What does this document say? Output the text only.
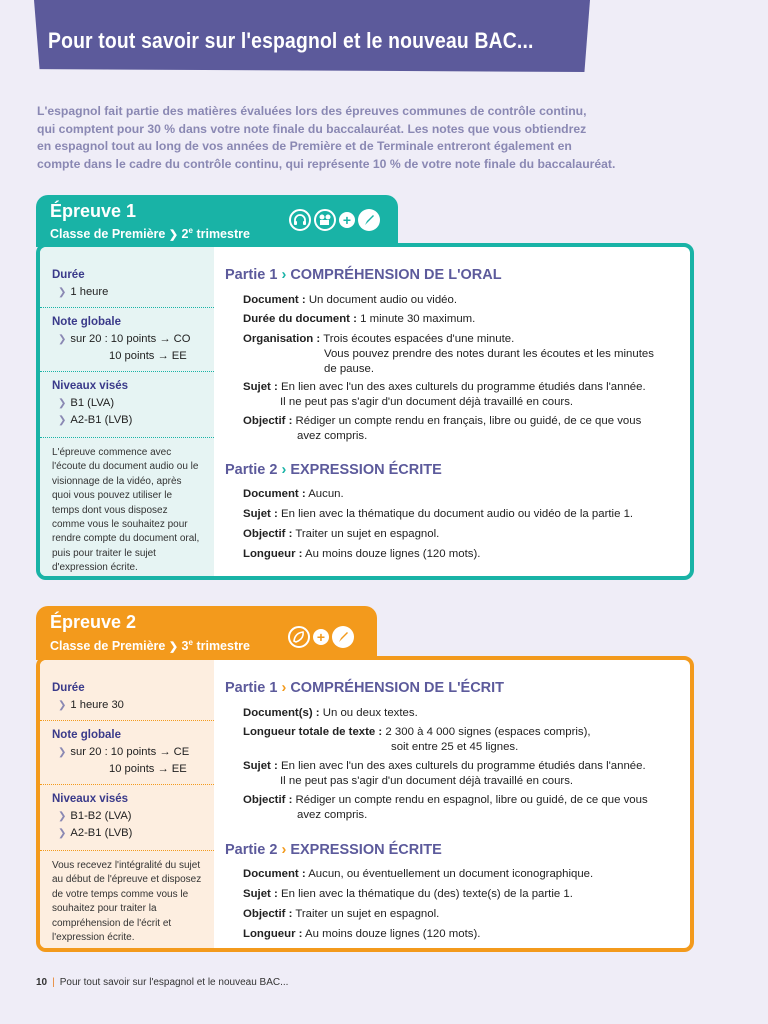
Pour tout savoir sur l'espagnol et le nouveau BAC...
L'espagnol fait partie des matières évaluées lors des épreuves communes de contrôle continu,
qui comptent pour 30 % dans votre note finale du baccalauréat. Les notes que vous obtiendrez
en espagnol tout au long de vos années de Première et de Terminale entreront également en
compte dans le cadre du contrôle continu, qui représente 10 % de votre note finale du baccalauréat.
Épreuve 1
Classe de Première ❯ 2e trimestre
+
Durée
❯ 1 heure
Note globale
❯ sur 20 : 10 points → CO
10 points → EE
Niveaux visés
❯ B1 (LVA)
❯ A2-B1 (LVB)
L'épreuve commence avec l'écoute du document audio ou le visionnage de la vidéo, après quoi vous pouvez utiliser le temps dont vous disposez comme vous le souhaitez pour rendre compte du document oral, puis pour traiter le sujet d'expression écrite.
Partie 1 › COMPRÉHENSION DE L'ORAL
Document : Un document audio ou vidéo.
Durée du document : 1 minute 30 maximum.
Organisation : Trois écoutes espacées d'une minute.
Vous pouvez prendre des notes durant les écoutes et les minutes
de pause.
Sujet : En lien avec l'un des axes culturels du programme étudiés dans l'année.
Il ne peut pas s'agir d'un document déjà travaillé en cours.
Objectif : Rédiger un compte rendu en français, libre ou guidé, de ce que vous
avez compris.
Partie 2 › EXPRESSION ÉCRITE
Document : Aucun.
Sujet : En lien avec la thématique du document audio ou vidéo de la partie 1.
Objectif : Traiter un sujet en espagnol.
Longueur : Au moins douze lignes (120 mots).
Épreuve 2
Classe de Première ❯ 3e trimestre
+
Durée
❯ 1 heure 30
Note globale
❯ sur 20 : 10 points → CE
10 points → EE
Niveaux visés
❯ B1-B2 (LVA)
❯ A2-B1 (LVB)
Vous recevez l'intégralité du sujet au début de l'épreuve et disposez de votre temps comme vous le souhaitez pour traiter la compréhension de l'écrit et l'expression écrite.
Partie 1 › COMPRÉHENSION DE L'ÉCRIT
Document(s) : Un ou deux textes.
Longueur totale de texte : 2 300 à 4 000 signes (espaces compris),
soit entre 25 et 45 lignes.
Sujet : En lien avec l'un des axes culturels du programme étudiés dans l'année.
Il ne peut pas s'agir d'un document déjà travaillé en cours.
Objectif : Rédiger un compte rendu en espagnol, libre ou guidé, de ce que vous
avez compris.
Partie 2 › EXPRESSION ÉCRITE
Document : Aucun, ou éventuellement un document iconographique.
Sujet : En lien avec la thématique du (des) texte(s) de la partie 1.
Objectif : Traiter un sujet en espagnol.
Longueur : Au moins douze lignes (120 mots).
10 | Pour tout savoir sur l'espagnol et le nouveau BAC...
